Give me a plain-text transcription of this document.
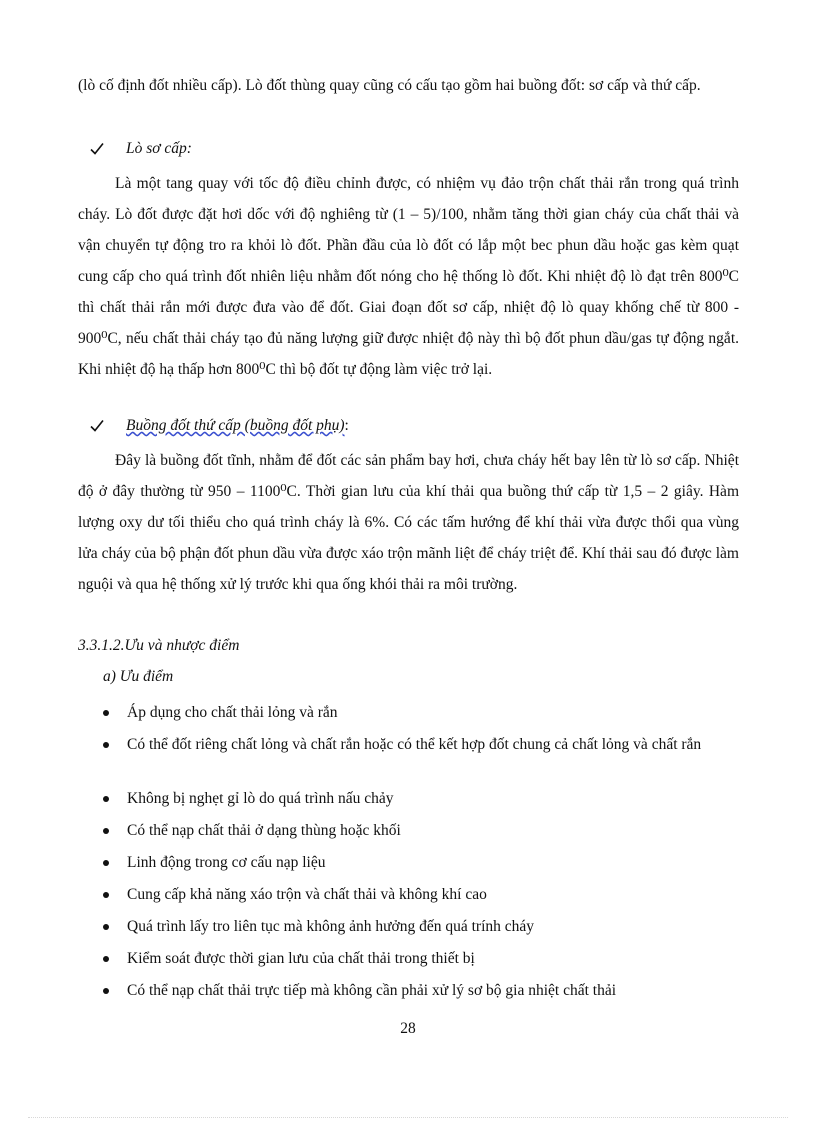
(lò cố định đốt nhiều cấp). Lò đốt thùng quay cũng có cấu tạo gồm hai buồng đốt: sơ cấp và thứ cấp.

Lò sơ cấp:

Là một tang quay với tốc độ điều chỉnh được, có nhiệm vụ đảo trộn chất thải rắn trong quá trình cháy. Lò đốt được đặt hơi dốc với độ nghiêng từ (1 – 5)/100, nhằm tăng thời gian cháy của chất thải và vận chuyển tự động tro ra khỏi lò đốt. Phần đầu của lò đốt có lắp một bec phun dầu hoặc gas kèm quạt cung cấp cho quá trình đốt nhiên liệu nhằm đốt nóng cho hệ thống lò đốt. Khi nhiệt độ lò đạt trên 800⁰C thì chất thải rắn mới được đưa vào để đốt. Giai đoạn đốt sơ cấp, nhiệt độ lò quay khống chế từ 800 - 900⁰C, nếu chất thải cháy tạo đủ năng lượng giữ được nhiệt độ này thì bộ đốt phun dầu/gas tự động ngắt. Khi nhiệt độ hạ thấp hơn 800⁰C thì bộ đốt tự động làm việc trở lại.

Buồng đốt thứ cấp (buồng đốt phụ) :

Đây là buồng đốt tĩnh, nhằm để đốt các sản phẩm bay hơi, chưa cháy hết bay lên từ lò sơ cấp. Nhiệt độ ở đây thường từ 950 – 1100⁰C. Thời gian lưu của khí thải qua buồng thứ cấp từ 1,5 – 2 giây. Hàm lượng oxy dư tối thiểu cho quá trình cháy là 6%. Có các tấm hướng để khí thải vừa được thổi qua vùng lửa cháy của bộ phận đốt phun dầu vừa được xáo trộn mãnh liệt để cháy triệt để. Khí thải sau đó được làm nguội và qua hệ thống xử lý trước khi qua ống khói thải ra môi trường.

3.3.1.2.Ưu và nhược điểm
a) Ưu điểm
Áp dụng cho chất thải lỏng và rắn
Có thể đốt riêng chất lỏng và chất rắn hoặc có thể kết hợp đốt chung cả chất lỏng và chất rắn
Không bị nghẹt gỉ lò do quá trình nấu chảy
Có thể nạp chất thải ở dạng thùng hoặc khối
Linh động trong cơ cấu nạp liệu
Cung cấp khả năng xáo trộn và chất thải và không khí cao
Quá trình lấy tro liên tục mà không ảnh hưởng đến quá trính cháy
Kiểm soát được thời gian lưu của chất thải trong thiết bị
Có thể nạp chất thải trực tiếp mà không cần phải xử lý sơ bộ gia nhiệt chất thải
28
